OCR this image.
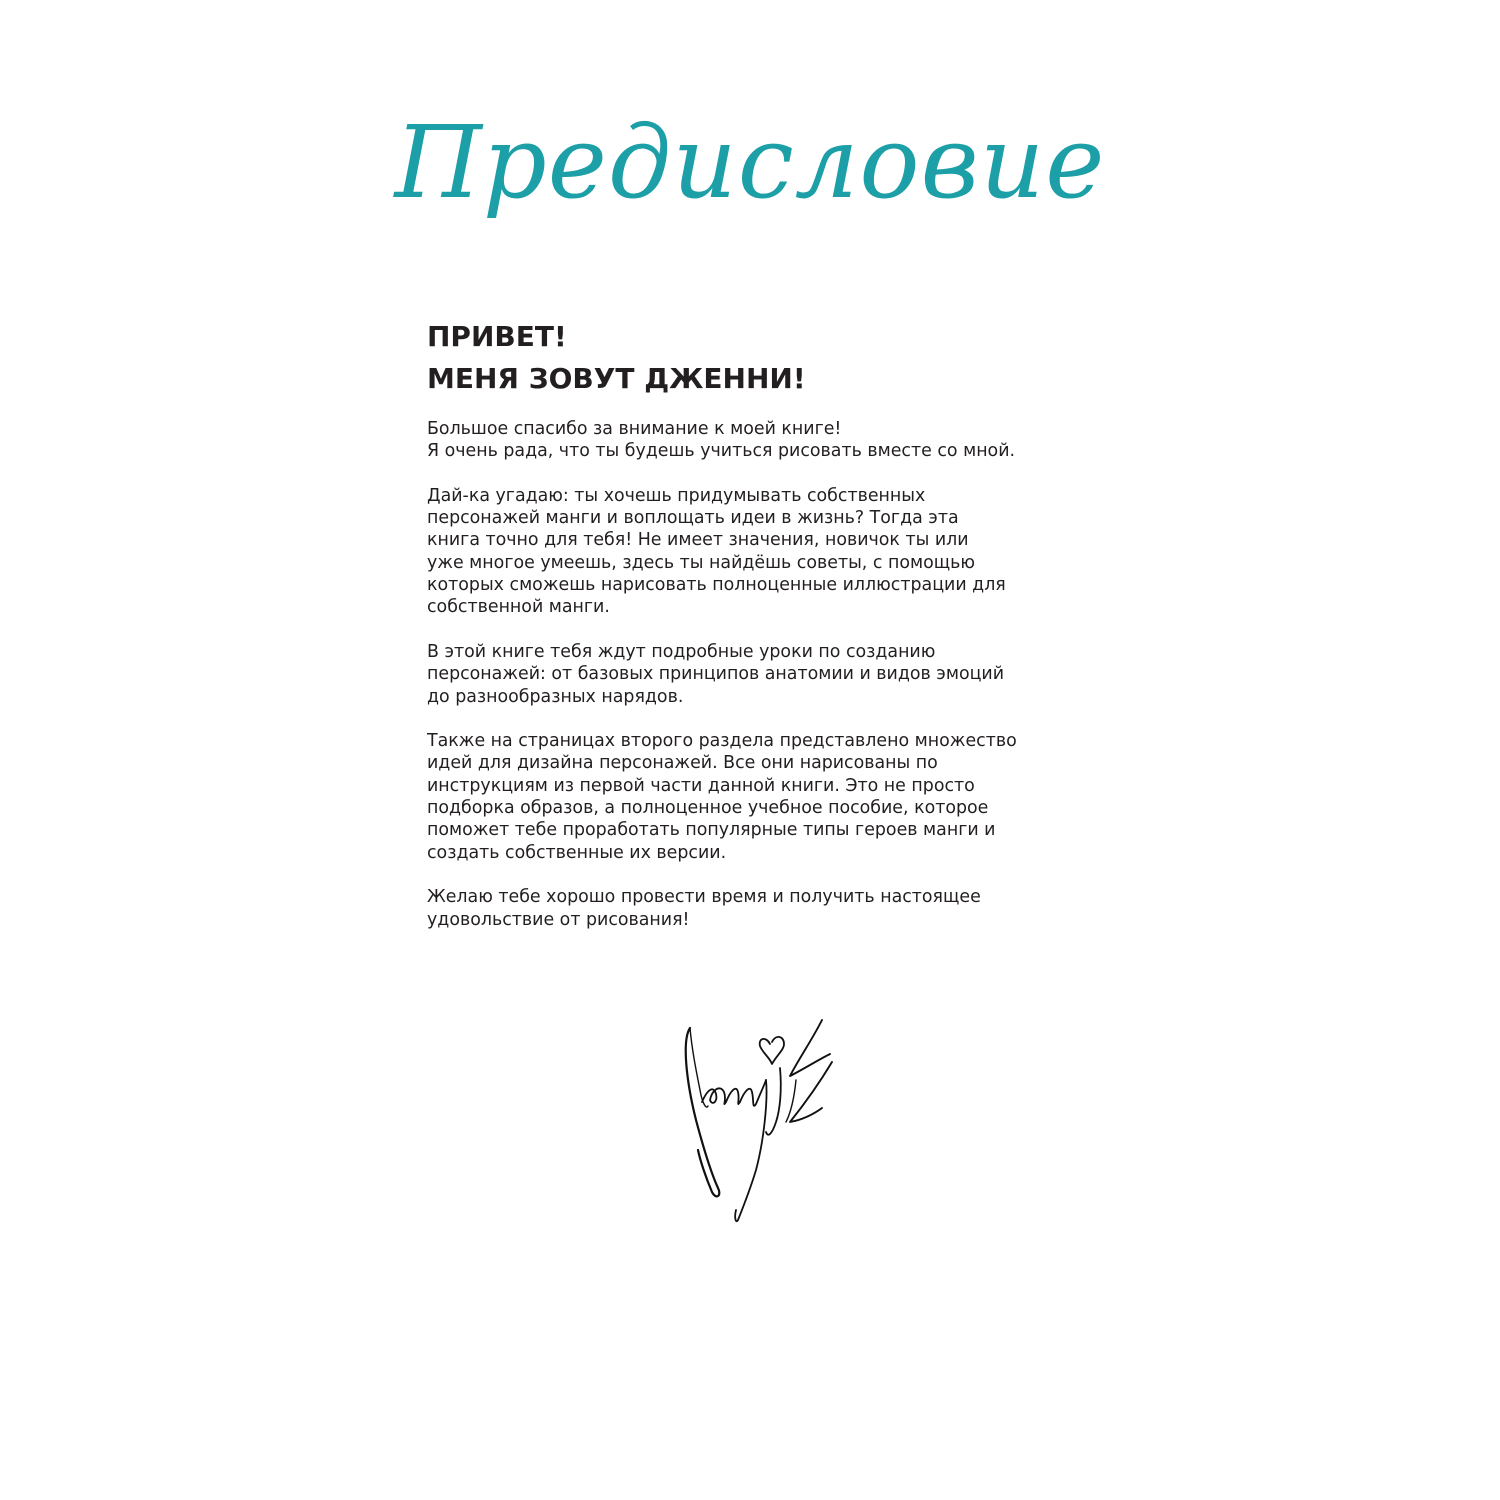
Предисловие
ПРИВЕТ!
МЕНЯ ЗОВУТ ДЖЕННИ!

Большое спасибо за внимание к моей книге!
Я очень рада, что ты будешь учиться рисовать вместе со мной.

Дай-ка угадаю: ты хочешь придумывать собственных
персонажей манги и воплощать идеи в жизнь? Тогда эта
книга точно для тебя! Не имеет значения, новичок ты или
уже многое умеешь, здесь ты найдёшь советы, с помощью
которых сможешь нарисовать полноценные иллюстрации для
собственной манги.

В этой книге тебя ждут подробные уроки по созданию
персонажей: от базовых принципов анатомии и видов эмоций
до разнообразных нарядов.

Также на страницах второго раздела представлено множество
идей для дизайна персонажей. Все они нарисованы по
инструкциям из первой части данной книги. Это не просто
подборка образов, а полноценное учебное пособие, которое
поможет тебе проработать популярные типы героев манги и
создать собственные их версии.

Желаю тебе хорошо провести время и получить настоящее
удовольствие от рисования!
